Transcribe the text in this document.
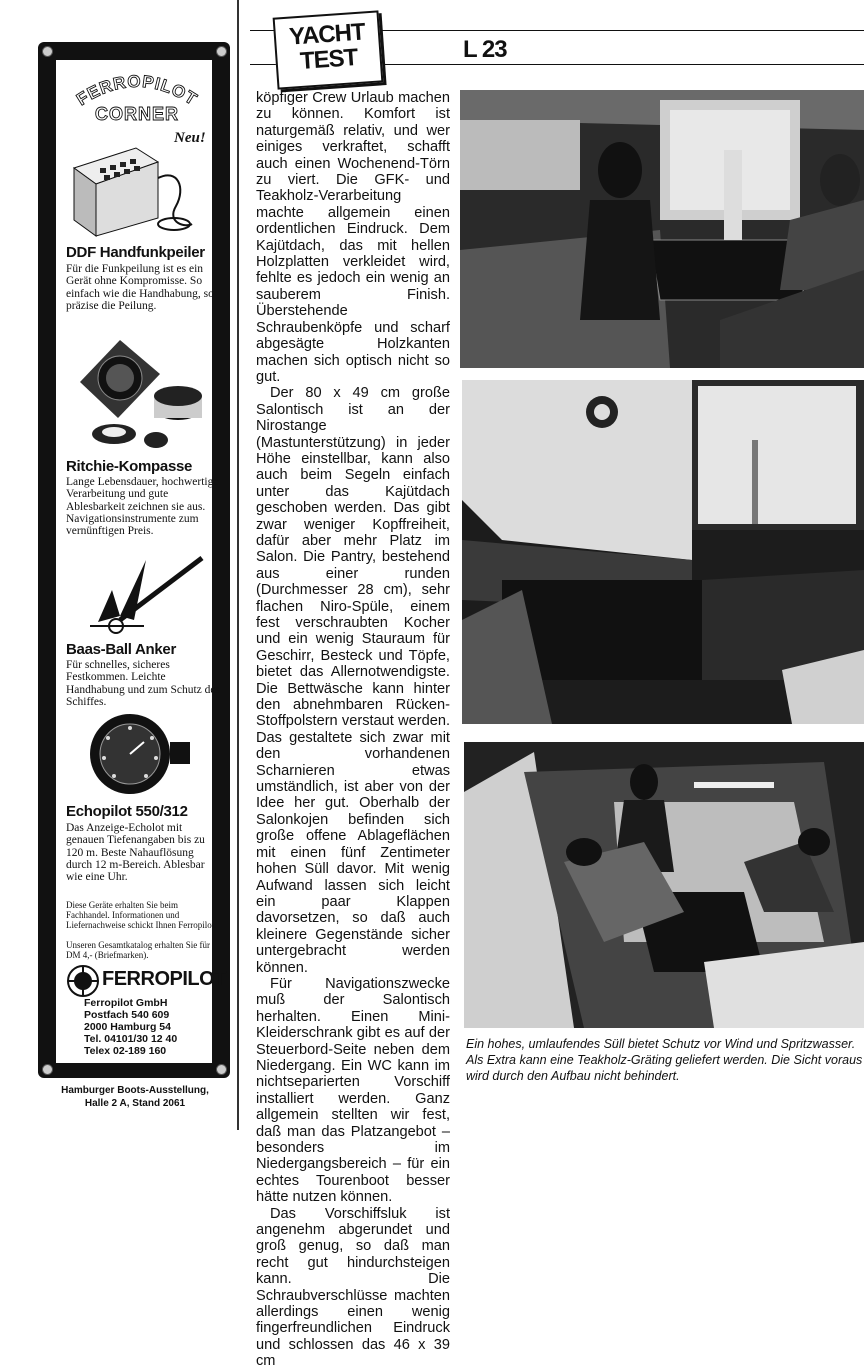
FERROPILOT
CORNER
Neu!
DDF Handfunkpeiler
Für die Funkpeilung ist es ein Gerät ohne Kompromisse. So einfach wie die Handhabung, so präzise die Peilung.
Ritchie-Kompasse
Lange Lebensdauer, hochwertige Verarbeitung und gute Ablesbarkeit zeichnen sie aus. Navigationsinstrumente zum vernünftigen Preis.
Baas-Ball Anker
Für schnelles, sicheres Festkommen. Leichte Handhabung und zum Schutz des Schiffes.
Echopilot 550/312
Das Anzeige-Echolot mit genauen Tiefenangaben bis zu 120 m. Beste Nahauflösung durch 12 m-Bereich. Ablesbar wie eine Uhr.
Diese Geräte erhalten Sie beim Fachhandel. Informationen und Liefernachweise schickt Ihnen Ferropilot.
Unseren Gesamtkatalog erhalten Sie für DM 4,- (Briefmarken).
FERROPILOT
Ferropilot GmbH
Postfach 540 609
2000 Hamburg 54
Tel. 04101/30 12 40
Telex 02-189 160
Hamburger Boots-Ausstellung,
Halle 2 A, Stand 2061
YACHT
TEST	L 23

köpfiger Crew Urlaub machen zu können. Komfort ist naturgemäß relativ, und wer einiges verkraftet, schafft auch einen Wochenend-Törn zu viert. Die GFK- und Teakholz-Verarbeitung machte allgemein einen ordentlichen Eindruck. Dem Kajütdach, das mit hellen Holzplatten verkleidet wird, fehlte es jedoch ein wenig an sauberem Finish. Überstehende Schraubenköpfe und scharf abgesägte Holzkanten machen sich optisch nicht so gut.

Der 80 x 49 cm große Salontisch ist an der Nirostange (Mastunterstützung) in jeder Höhe einstellbar, kann also auch beim Segeln einfach unter das Kajütdach geschoben werden. Das gibt zwar weniger Kopffreiheit, dafür aber mehr Platz im Salon. Die Pantry, bestehend aus einer runden (Durchmesser 28 cm), sehr flachen Niro-Spüle, einem fest verschraubten Kocher und ein wenig Stauraum für Geschirr, Besteck und Töpfe, bietet das Allernotwendigste. Die Bettwäsche kann hinter den abnehmbaren Rücken-Stoffpolstern verstaut werden. Das gestaltete sich zwar mit den vorhandenen Scharnieren etwas umständlich, ist aber von der Idee her gut. Oberhalb der Salonkojen befinden sich große offene Ablageflächen mit einen fünf Zentimeter hohen Süll davor. Mit wenig Aufwand lassen sich leicht ein paar Klappen davorsetzen, so daß auch kleinere Gegenstände sicher untergebracht werden können.

Für Navigationszwecke muß der Salontisch herhalten. Einen Mini-Kleiderschrank gibt es auf der Steuerbord-Seite neben dem Niedergang. Ein WC kann im nichtseparierten Vorschiff installiert werden. Ganz allgemein stellten wir fest, daß man das Platzangebot – besonders im Niedergangsbereich – für ein echtes Tourenboot besser hätte nutzen können.

Das Vorschiffsluk ist angenehm abgerundet und groß genug, so daß man recht gut hindurchsteigen kann. Die Schraubverschlüsse machten allerdings einen wenig fingerfreundlichen Eindruck und schlossen das 46 x 39 cm

Ein hohes, umlaufendes Süll bietet Schutz vor Wind und Spritzwasser. Als Extra kann eine Teakholz-Gräting geliefert werden. Die Sicht voraus wird durch den Aufbau nicht behindert.
